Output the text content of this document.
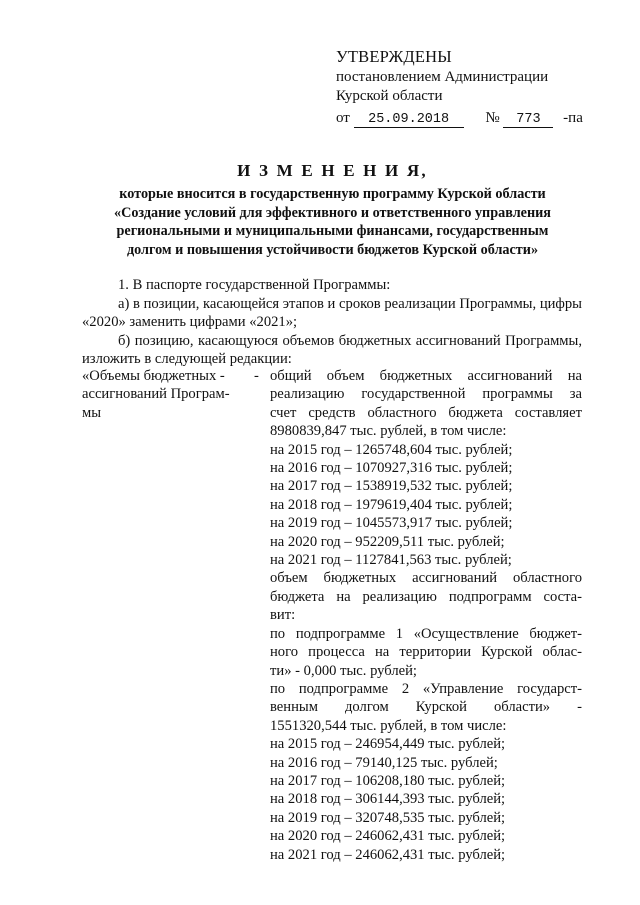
УТВЕРЖДЕНЫ
постановлением Администрации
Курской области
от 25.09.2018 № 773 -па
И З М Е Н Е Н И Я,
которые вносится в государственную программу Курской области
«Создание условий для эффективного и ответственного управления
региональными и муниципальными финансами, государственным
долгом и повышения устойчивости бюджетов Курской области»

1. В паспорте государственной Программы:

а) в позиции, касающейся этапов и сроков реализации Программы, цифры «2020» заменить цифрами «2021»;

б) позицию, касающуюся объемов бюджетных ассигнований Программы, изложить в следующей редакции:

«Объемы бюджетных -
ассигнований Програм-
мы
- общий объем бюджетных ассигнований на
реализацию государственной программы за
счет средств областного бюджета составляет
8980839,847 тыс. рублей, в том числе:
на 2015 год – 1265748,604 тыс. рублей;
на 2016 год – 1070927,316 тыс. рублей;
на 2017 год – 1538919,532 тыс. рублей;
на 2018 год – 1979619,404 тыс. рублей;
на 2019 год – 1045573,917 тыс. рублей;
на 2020 год – 952209,511 тыс. рублей;
на 2021 год – 1127841,563 тыс. рублей;
объем бюджетных ассигнований областного
бюджета на реализацию подпрограмм соста-
вит:
по подпрограмме 1 «Осуществление бюджет-
ного процесса на территории Курской облас-
ти» - 0,000 тыс. рублей;
по подпрограмме 2 «Управление государст-
венным долгом Курской области» -
1551320,544 тыс. рублей, в том числе:
на 2015 год – 246954,449 тыс. рублей;
на 2016 год – 79140,125 тыс. рублей;
на 2017 год – 106208,180 тыс. рублей;
на 2018 год – 306144,393 тыс. рублей;
на 2019 год – 320748,535 тыс. рублей;
на 2020 год – 246062,431 тыс. рублей;
на 2021 год – 246062,431 тыс. рублей;
